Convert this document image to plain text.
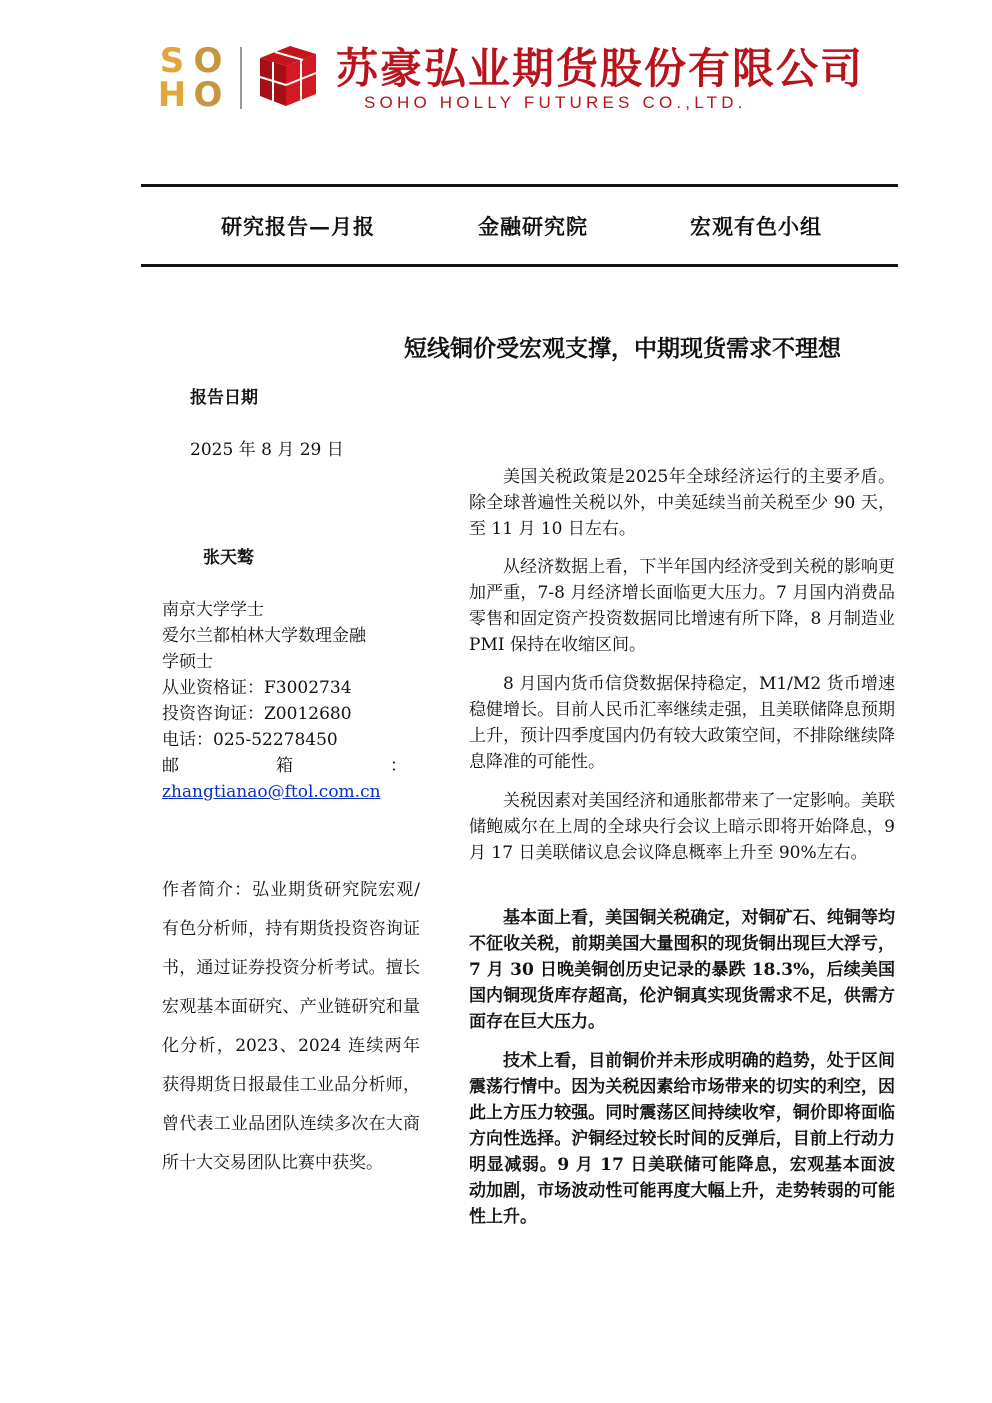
S O
H O
苏豪弘业期货股份有限公司
SOHO HOLLY FUTURES CO.,LTD.
研究报告—月报	金融研究院	宏观有色小组
短线铜价受宏观支撑，中期现货需求不理想
报告日期
2025 年 8 月 29 日
张天骜
南京大学学士
爱尔兰都柏林大学数理金融
学硕士
从业资格证：F3002734
投资咨询证：Z0012680
电话：025-52278450
邮	箱	：
zhangtianao@ftol.com.cn
作者简介：弘业期货研究院宏观/有色分析师，持有期货投资咨询证书，通过证券投资分析考试。擅长宏观基本面研究、产业链研究和量化分析，2023、2024 连续两年获得期货日报最佳工业品分析师，曾代表工业品团队连续多次在大商所十大交易团队比赛中获奖。

美国关税政策是2025年全球经济运行的主要矛盾。除全球普遍性关税以外，中美延续当前关税至少 90 天，至 11 月 10 日左右。

从经济数据上看，下半年国内经济受到关税的影响更加严重，7-8 月经济增长面临更大压力。7 月国内消费品零售和固定资产投资数据同比增速有所下降，8 月制造业 PMI 保持在收缩区间。

8 月国内货币信贷数据保持稳定，M1/M2 货币增速稳健增长。目前人民币汇率继续走强，且美联储降息预期上升，预计四季度国内仍有较大政策空间，不排除继续降息降准的可能性。

关税因素对美国经济和通胀都带来了一定影响。美联储鲍威尔在上周的全球央行会议上暗示即将开始降息，9 月 17 日美联储议息会议降息概率上升至 90%左右。

基本面上看，美国铜关税确定，对铜矿石、纯铜等均不征收关税，前期美国大量囤积的现货铜出现巨大浮亏，7 月 30 日晚美铜创历史记录的暴跌 18.3%，后续美国国内铜现货库存超高，伦沪铜真实现货需求不足，供需方面存在巨大压力。

技术上看，目前铜价并未形成明确的趋势，处于区间震荡行情中。因为关税因素给市场带来的切实的利空，因此上方压力较强。同时震荡区间持续收窄，铜价即将面临方向性选择。沪铜经过较长时间的反弹后，目前上行动力明显减弱。9 月 17 日美联储可能降息，宏观基本面波动加剧，市场波动性可能再度大幅上升，走势转弱的可能性上升。
